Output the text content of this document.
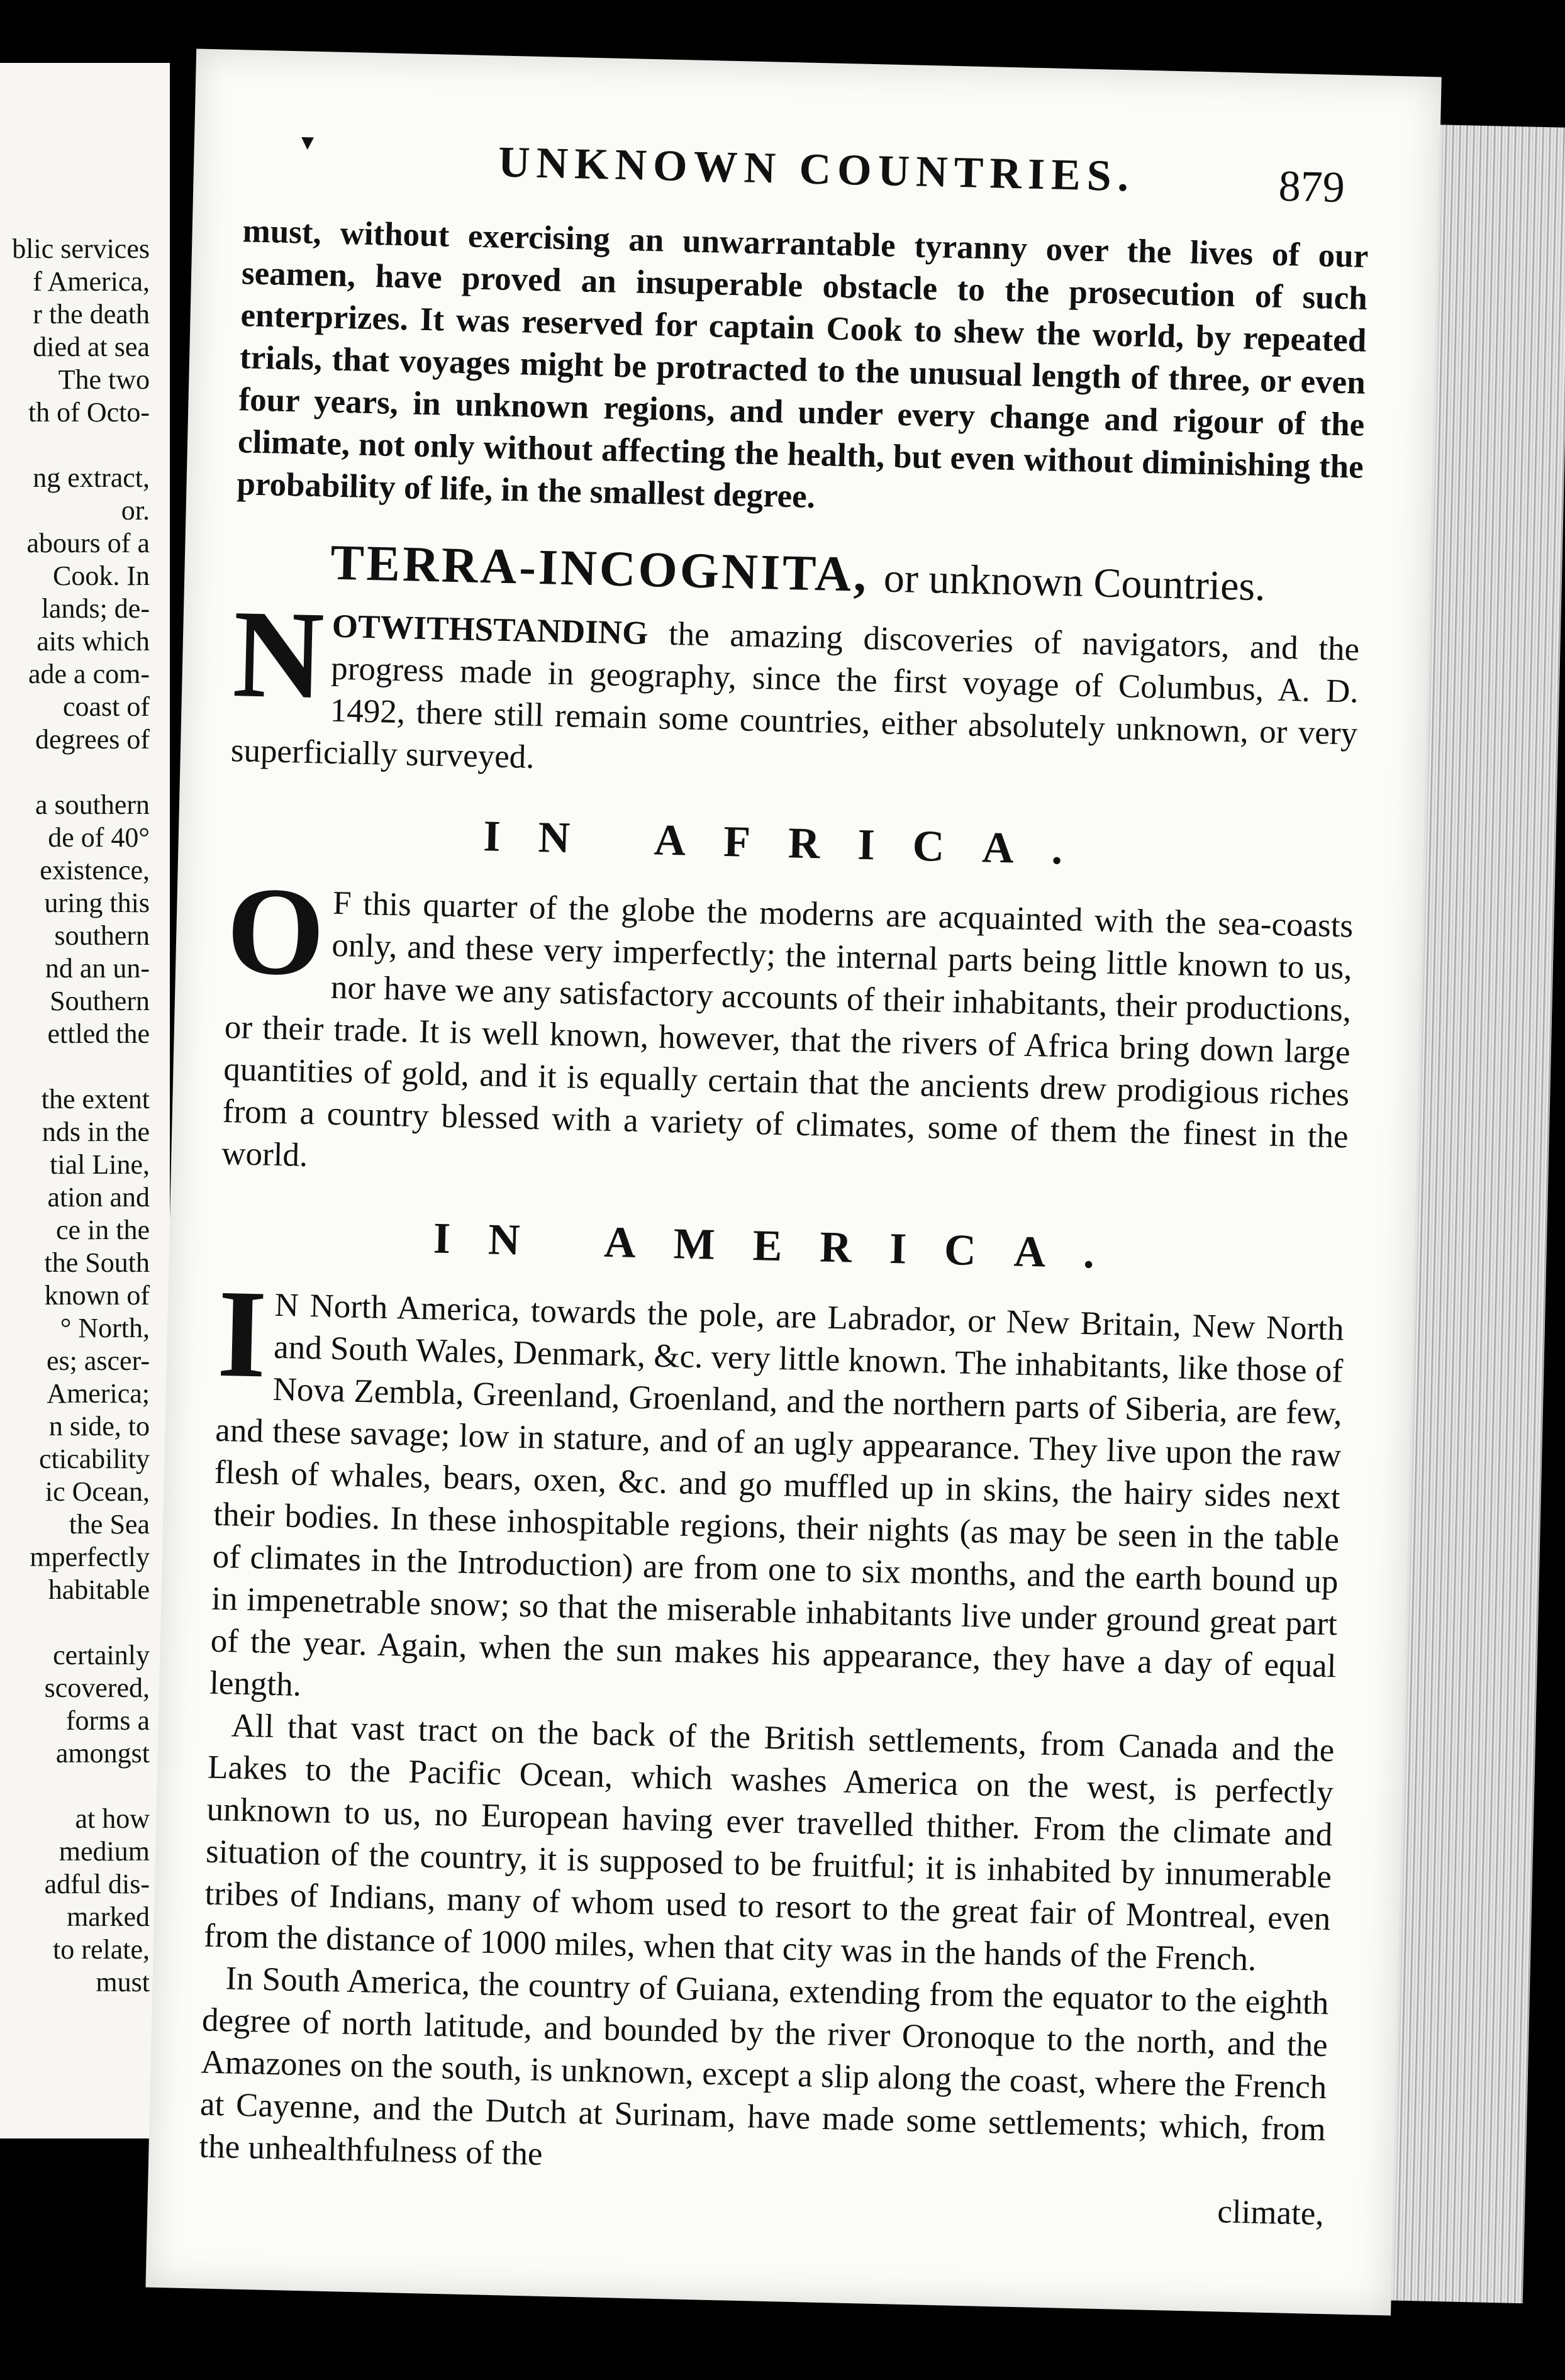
blic services
f America,
r the death
died at sea
The two
th of Octo-

ng extract,
or.
abours of a
Cook. In
lands; de-
aits which
ade a com-
coast of
degrees of

a southern
de of 40°
existence,
uring this
southern
nd an un-
Southern
ettled the

the extent
nds in the
tial Line,
ation and
ce in the
the South
known of
° North,
es; ascer-
America;
n side, to
cticability
ic Ocean,
the Sea
mperfectly
habitable

certainly
scovered,
forms a
amongst

at how
medium
adful dis-
marked
to relate,
must
▾	UNKNOWN COUNTRIES.	879

must, without exercising an unwarrantable tyranny over the lives of our seamen, have proved an insuperable obstacle to the prosecution of such enterprizes. It was reserved for captain Cook to shew the world, by repeated trials, that voyages might be protracted to the unusual length of three, or even four years, in unknown regions, and under every change and rigour of the climate, not only without affecting the health, but even without diminishing the probability of life, in the smallest degree.

TERRA-INCOGNITA, or unknown Countries.

NOTWITHSTANDING the amazing discoveries of navigators, and the progress made in geography, since the first voyage of Columbus, A. D. 1492, there still remain some countries, either absolutely unknown, or very superficially surveyed.

IN AFRICA.

O F this quarter of the globe the moderns are acquainted with the sea-coasts only, and these very imperfectly; the internal parts being little known to us, nor have we any satisfactory accounts of their inhabitants, their productions, or their trade. It is well known, however, that the rivers of Africa bring down large quantities of gold, and it is equally certain that the ancients drew prodigious riches from a country blessed with a variety of climates, some of them the finest in the world.

IN AMERICA.

I N North America, towards the pole, are Labrador, or New Britain, New North and South Wales, Denmark, &c. very little known. The inhabitants, like those of Nova Zembla, Greenland, Groenland, and the northern parts of Siberia, are few, and these savage; low in stature, and of an ugly appearance. They live upon the raw flesh of whales, bears, oxen, &c. and go muffled up in skins, the hairy sides next their bodies. In these inhospitable regions, their nights (as may be seen in the table of climates in the Introduction) are from one to six months, and the earth bound up in impenetrable snow; so that the miserable inhabitants live under ground great part of the year. Again, when the sun makes his appearance, they have a day of equal length.

All that vast tract on the back of the British settlements, from Canada and the Lakes to the Pacific Ocean, which washes America on the west, is perfectly unknown to us, no European having ever travelled thither. From the climate and situation of the country, it is supposed to be fruitful; it is inhabited by innumerable tribes of Indians, many of whom used to resort to the great fair of Montreal, even from the distance of 1000 miles, when that city was in the hands of the French.

In South America, the country of Guiana, extending from the equator to the eighth degree of north latitude, and bounded by the river Oronoque to the north, and the Amazones on the south, is unknown, except a slip along the coast, where the French at Cayenne, and the Dutch at Surinam, have made some settlements; which, from the unhealthfulness of the

climate,
